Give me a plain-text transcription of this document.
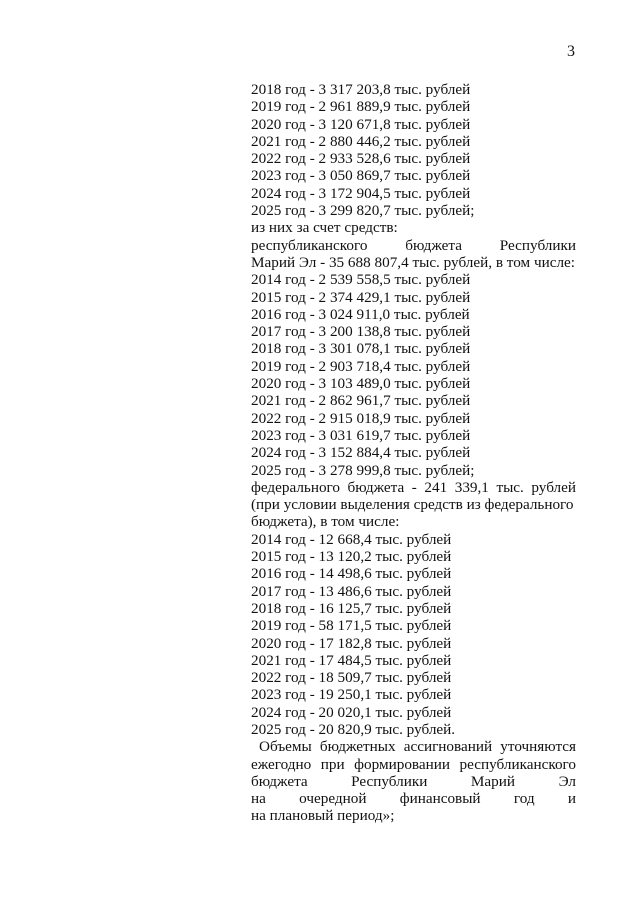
3
2018 год - 3 317 203,8 тыс. рублей
2019 год - 2 961 889,9 тыс. рублей
2020 год - 3 120 671,8 тыс. рублей
2021 год - 2 880 446,2 тыс. рублей
2022 год - 2 933 528,6 тыс. рублей
2023 год - 3 050 869,7 тыс. рублей
2024 год - 3 172 904,5 тыс. рублей
2025 год - 3 299 820,7 тыс. рублей;
из них за счет средств:
республиканского бюджета Республики
Марий Эл - 35 688 807,4 тыс. рублей, в том числе:
2014 год - 2 539 558,5 тыс. рублей
2015 год - 2 374 429,1 тыс. рублей
2016 год - 3 024 911,0 тыс. рублей
2017 год - 3 200 138,8 тыс. рублей
2018 год - 3 301 078,1 тыс. рублей
2019 год - 2 903 718,4 тыс. рублей
2020 год - 3 103 489,0 тыс. рублей
2021 год - 2 862 961,7 тыс. рублей
2022 год - 2 915 018,9 тыс. рублей
2023 год - 3 031 619,7 тыс. рублей
2024 год - 3 152 884,4 тыс. рублей
2025 год - 3 278 999,8 тыс. рублей;
федерального бюджета - 241 339,1 тыс. рублей
(при условии выделения средств из федерального
бюджета), в том числе:
2014 год - 12 668,4 тыс. рублей
2015 год - 13 120,2 тыс. рублей
2016 год - 14 498,6 тыс. рублей
2017 год - 13 486,6 тыс. рублей
2018 год - 16 125,7 тыс. рублей
2019 год - 58 171,5 тыс. рублей
2020 год - 17 182,8 тыс. рублей
2021 год - 17 484,5 тыс. рублей
2022 год - 18 509,7 тыс. рублей
2023 год - 19 250,1 тыс. рублей
2024 год - 20 020,1 тыс. рублей
2025 год - 20 820,9 тыс. рублей.
Объемы бюджетных ассигнований уточняются
ежегодно при формировании республиканского
бюджета Республики Марий Эл
на очередной финансовый год и
на плановый период»;
